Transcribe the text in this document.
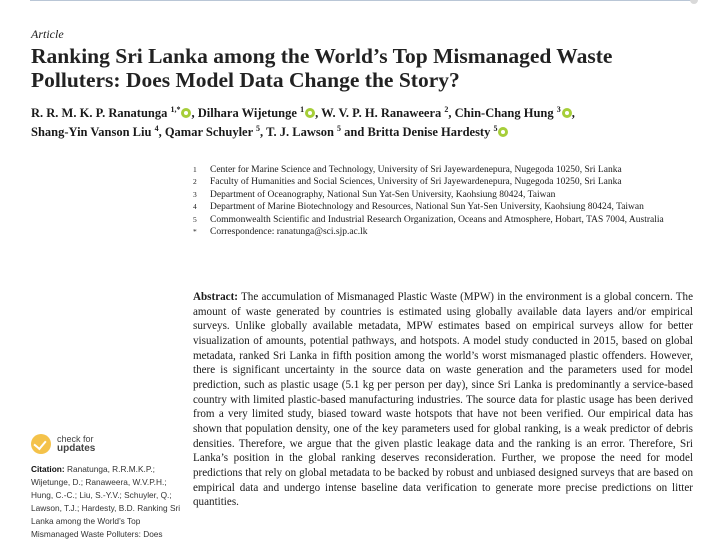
Article
Ranking Sri Lanka among the World’s Top Mismanaged Waste Polluters: Does Model Data Change the Story?
R. R. M. K. P. Ranatunga $^{1,*}$ , Dilhara Wijetunge $^1$ , W. V. P. H. Ranaweera $^2$, Chin-Chang Hung $^3$ ,
Shang-Yin Vanson Liu $^4$, Qamar Schuyler $^5$, T. J. Lawson $^5$ and Britta Denise Hardesty $^5$
1	Center for Marine Science and Technology, University of Sri Jayewardenepura, Nugegoda 10250, Sri Lanka
2	Faculty of Humanities and Social Sciences, University of Sri Jayewardenepura, Nugegoda 10250, Sri Lanka
3	Department of Oceanography, National Sun Yat-Sen University, Kaohsiung 80424, Taiwan
4	Department of Marine Biotechnology and Resources, National Sun Yat-Sen University, Kaohsiung 80424, Taiwan
5	Commonwealth Scientific and Industrial Research Organization, Oceans and Atmosphere, Hobart, TAS 7004, Australia
*	Correspondence: ranatunga@sci.sjp.ac.lk

Abstract: The accumulation of Mismanaged Plastic Waste (MPW) in the environment is a global concern. The amount of waste generated by countries is estimated using globally available data layers and/or empirical surveys. Unlike globally available metadata, MPW estimates based on empirical surveys allow for better visualization of amounts, potential pathways, and hotspots. A model study conducted in 2015, based on global metadata, ranked Sri Lanka in fifth position among the world’s worst mismanaged plastic offenders. However, there is significant uncertainty in the source data on waste generation and the parameters used for model prediction, such as plastic usage (5.1 kg per person per day), since Sri Lanka is predominantly a service-based country with limited plastic-based manufacturing industries. The source data for plastic usage has been derived from a very limited study, biased toward waste hotspots that have not been verified. Our empirical data has shown that population density, one of the key parameters used for global ranking, is a weak predictor of debris densities. Therefore, we argue that the given plastic leakage data and the ranking is an error. Therefore, Sri Lanka’s position in the global ranking deserves reconsideration. Further, we propose the need for model predictions that rely on global metadata to be backed by robust and unbiased designed surveys that are based on empirical data and undergo intense baseline data verification to generate more precise predictions on litter quantities.

check for
updates

Citation: Ranatunga, R.R.M.K.P.; Wijetunge, D.; Ranaweera, W.V.P.H.; Hung, C.-C.; Liu, S.-Y.V.; Schuyler, Q.; Lawson, T.J.; Hardesty, B.D. Ranking Sri Lanka among the World’s Top Mismanaged Waste Polluters: Does
